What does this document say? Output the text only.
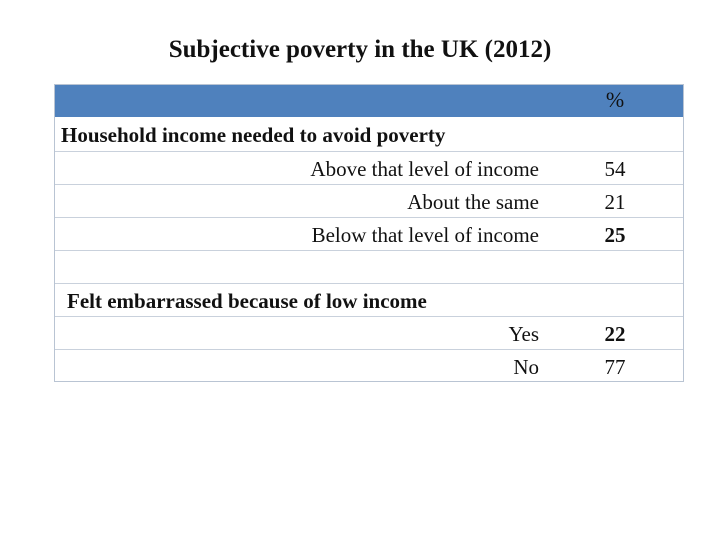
Subjective poverty in the UK (2012)
%
Household income needed to avoid poverty
Above that level of income	54
About the same	21
Below that level of income	25
Felt embarrassed because of low income
Yes	22
No	77
